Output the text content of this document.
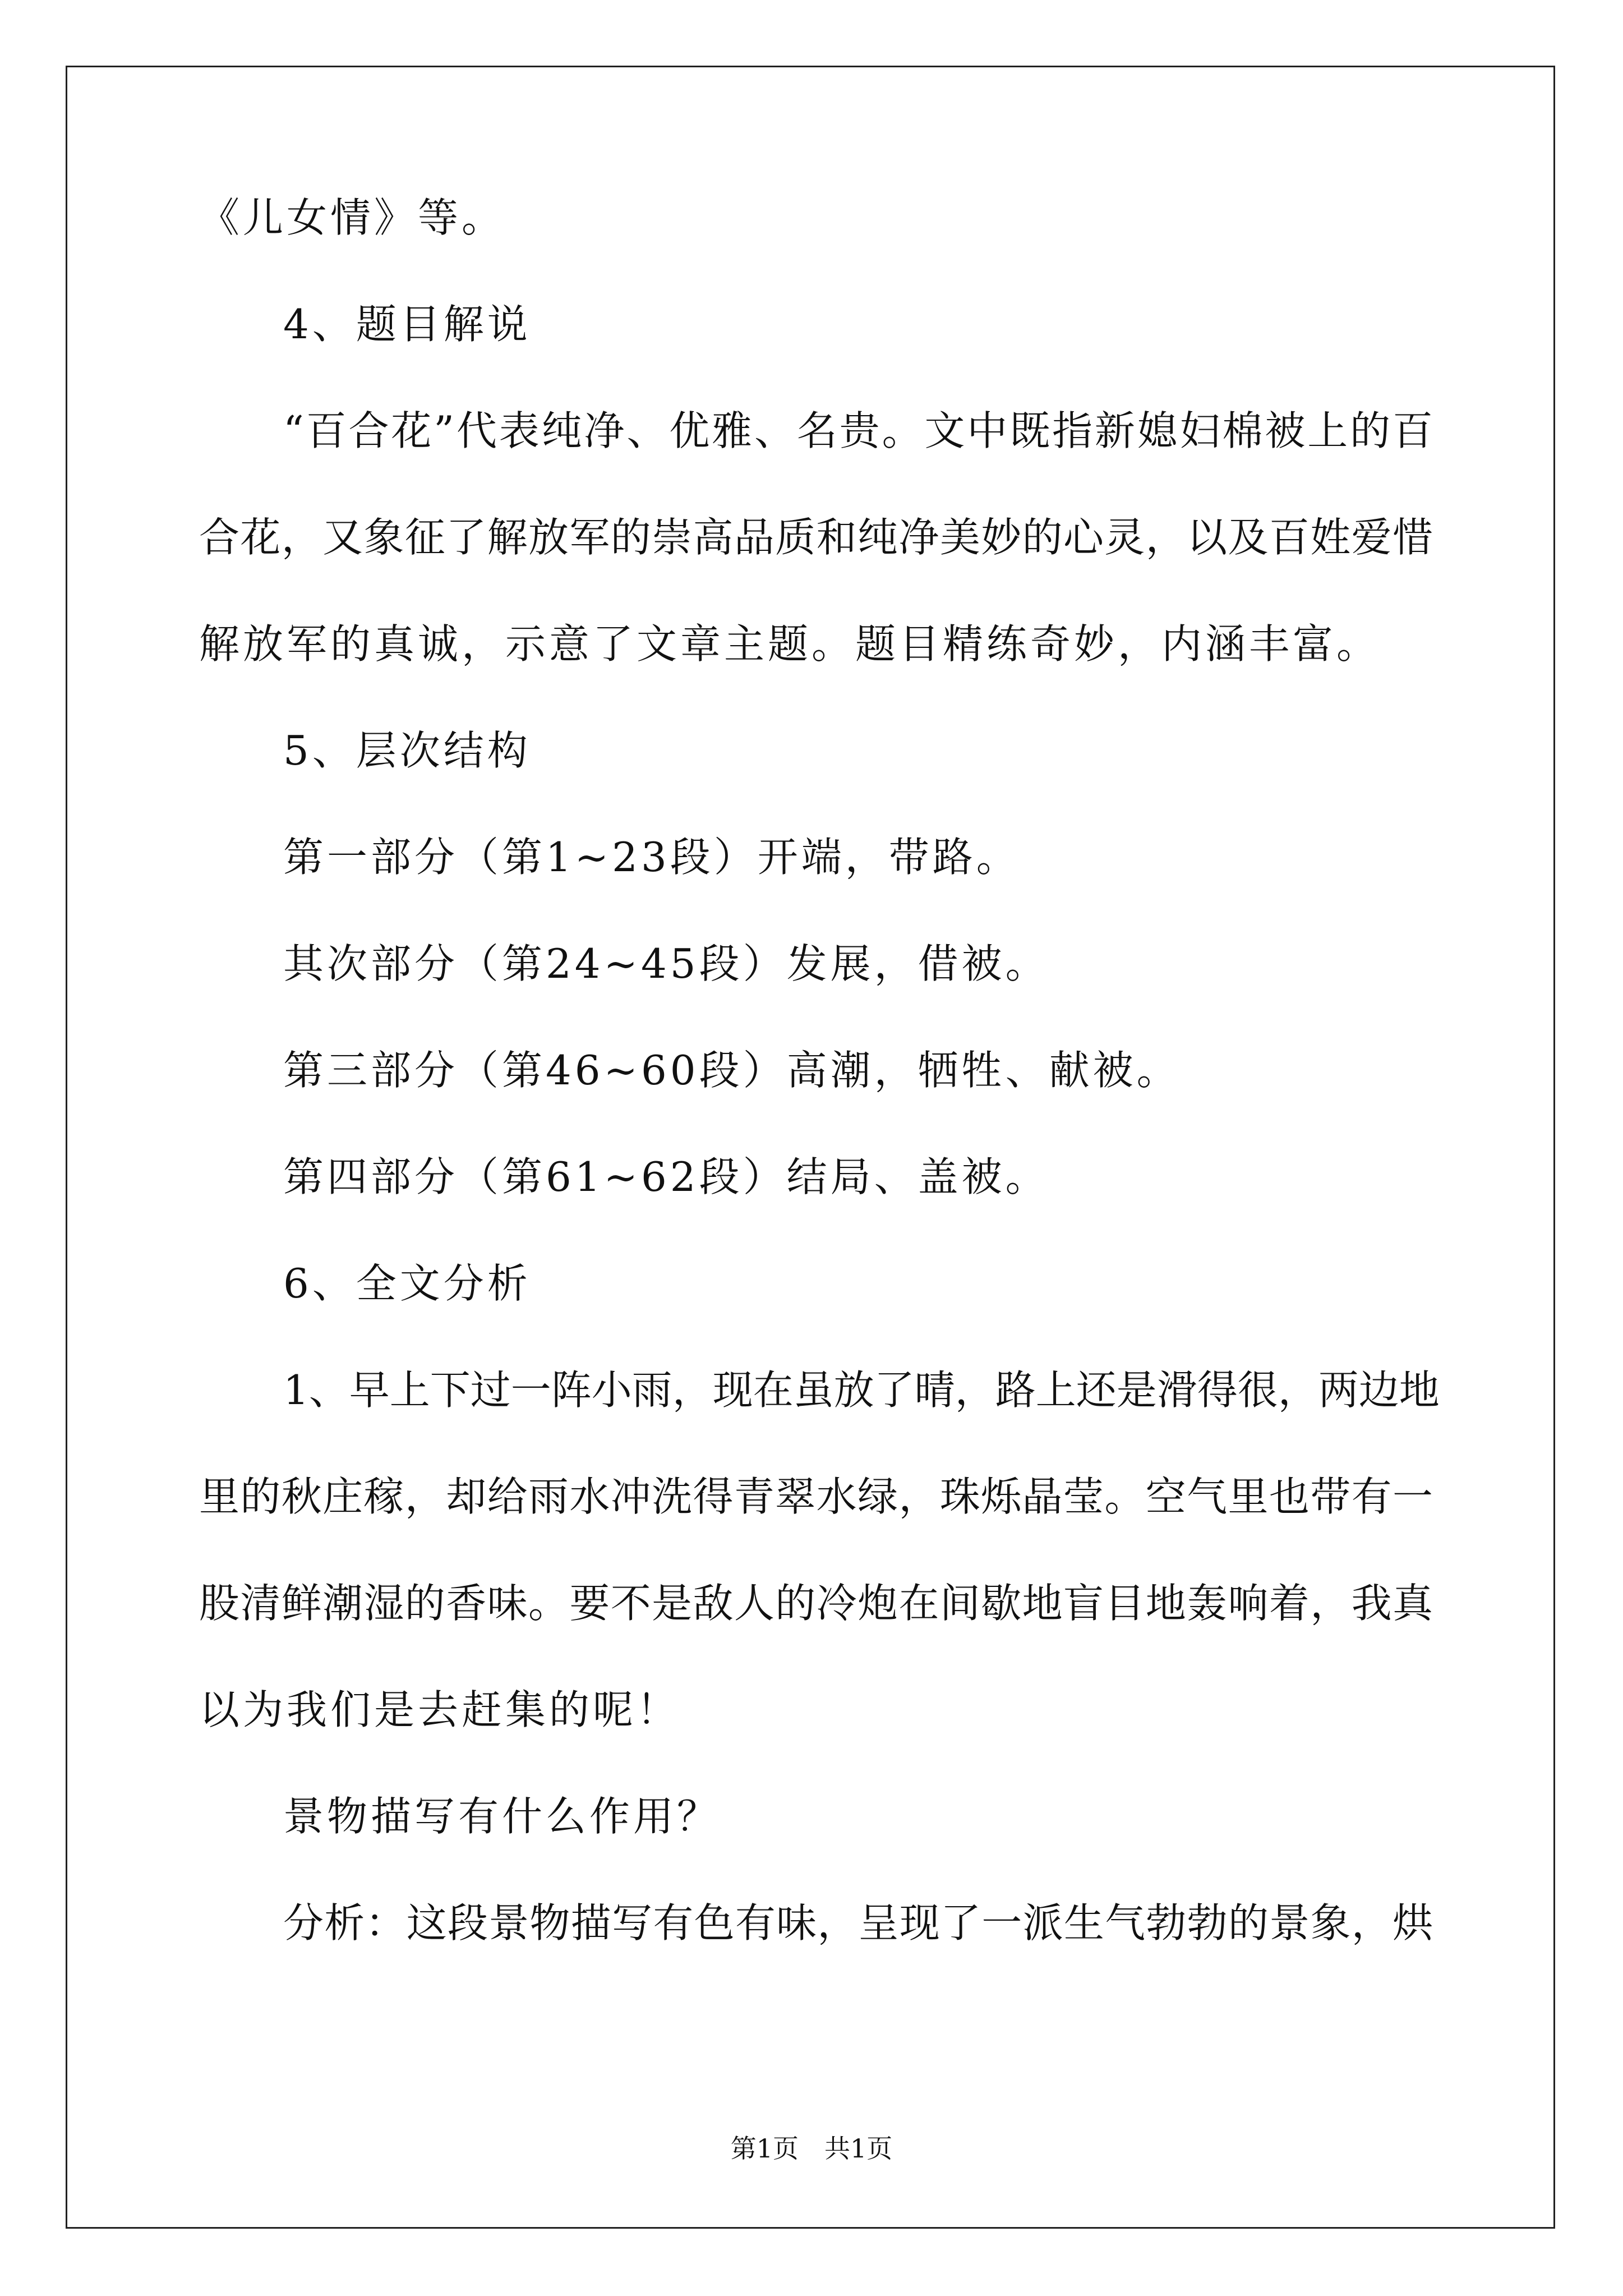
《儿女情》等。
4、题目解说
“百合花”代表纯净、优雅、名贵。文中既指新媳妇棉被上的百
合花，又象征了解放军的崇高品质和纯净美妙的心灵，以及百姓爱惜
解放军的真诚，示意了文章主题。题目精练奇妙，内涵丰富。
5、层次结构
第一部分（第1~23段）开端，带路。
其次部分（第24~45段）发展，借被。
第三部分（第46~60段）高潮，牺牲、献被。
第四部分（第61~62段）结局、盖被。
6、全文分析
1、早上下过一阵小雨，现在虽放了晴，路上还是滑得很，两边地
里的秋庄稼，却给雨水冲洗得青翠水绿，珠烁晶莹。空气里也带有一
股清鲜潮湿的香味。要不是敌人的冷炮在间歇地盲目地轰响着，我真
以为我们是去赶集的呢！
景物描写有什么作用？
分析：这段景物描写有色有味，呈现了一派生气勃勃的景象，烘
第1页 共1页
